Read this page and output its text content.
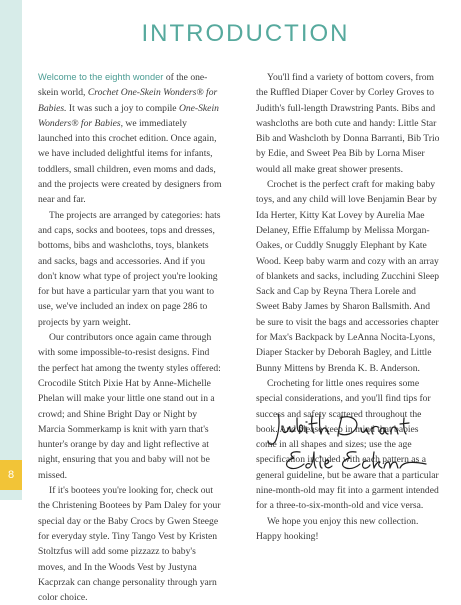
8
INTRODUCTION

Welcome to the eighth wonder of the one-skein world, Crochet One-Skein Wonders® for Babies. It was such a joy to compile One-Skein Wonders® for Babies, we immediately launched into this crochet edition. Once again, we have included delightful items for infants, toddlers, small children, even moms and dads, and the projects were created by designers from near and far.

The projects are arranged by categories: hats and caps, socks and bootees, tops and dresses, bottoms, bibs and washcloths, toys, blankets and sacks, bags and accessories. And if you don't know what type of project you're looking for but have a particular yarn that you want to use, we've included an index on page 286 to projects by yarn weight.

Our contributors once again came through with some impossible-to-resist designs. Find the perfect hat among the twenty styles offered: Crocodile Stitch Pixie Hat by Anne-Michelle Phelan will make your little one stand out in a crowd; and Shine Bright Day or Night by Marcia Sommerkamp is knit with yarn that's hunter's orange by day and light reflective at night, ensuring that you and baby will not be missed.

If it's bootees you're looking for, check out the Christening Bootees by Pam Daley for your special day or the Baby Crocs by Gwen Steege for everyday style. Tiny Tango Vest by Kristen Stoltzfus will add some pizzazz to baby's moves, and In the Woods Vest by Justyna Kacprzak can change personality through yarn color choice.

You'll find a variety of bottom covers, from the Ruffled Diaper Cover by Corley Groves to Judith's full-length Drawstring Pants. Bibs and washcloths are both cute and handy: Little Star Bib and Washcloth by Donna Barranti, Bib Trio by Edie, and Sweet Pea Bib by Lorna Miser would all make great shower presents.

Crochet is the perfect craft for making baby toys, and any child will love Benjamin Bear by Ida Herter, Kitty Kat Lovey by Aurelia Mae Delaney, Effie Effalump by Melissa Morgan-Oakes, or Cuddly Snuggly Elephant by Kate Wood. Keep baby warm and cozy with an array of blankets and sacks, including Zucchini Sleep Sack and Cap by Reyna Thera Lorele and Sweet Baby James by Sharon Ballsmith. And be sure to visit the bags and accessories chapter for Max's Backpack by LeAnna Nocita-Lyons, Diaper Stacker by Deborah Bagley, and Little Bunny Mittens by Brenda K. B. Anderson.

Crocheting for little ones requires some special considerations, and you'll find tips for success and safety scattered throughout the book. And please keep in mind that babies come in all shapes and sizes; use the age specification included with each pattern as a general guideline, but be aware that a particular nine-month-old may fit into a garment intended for a three-to-six-month-old and vice versa.

We hope you enjoy this new collection. Happy hooking!
